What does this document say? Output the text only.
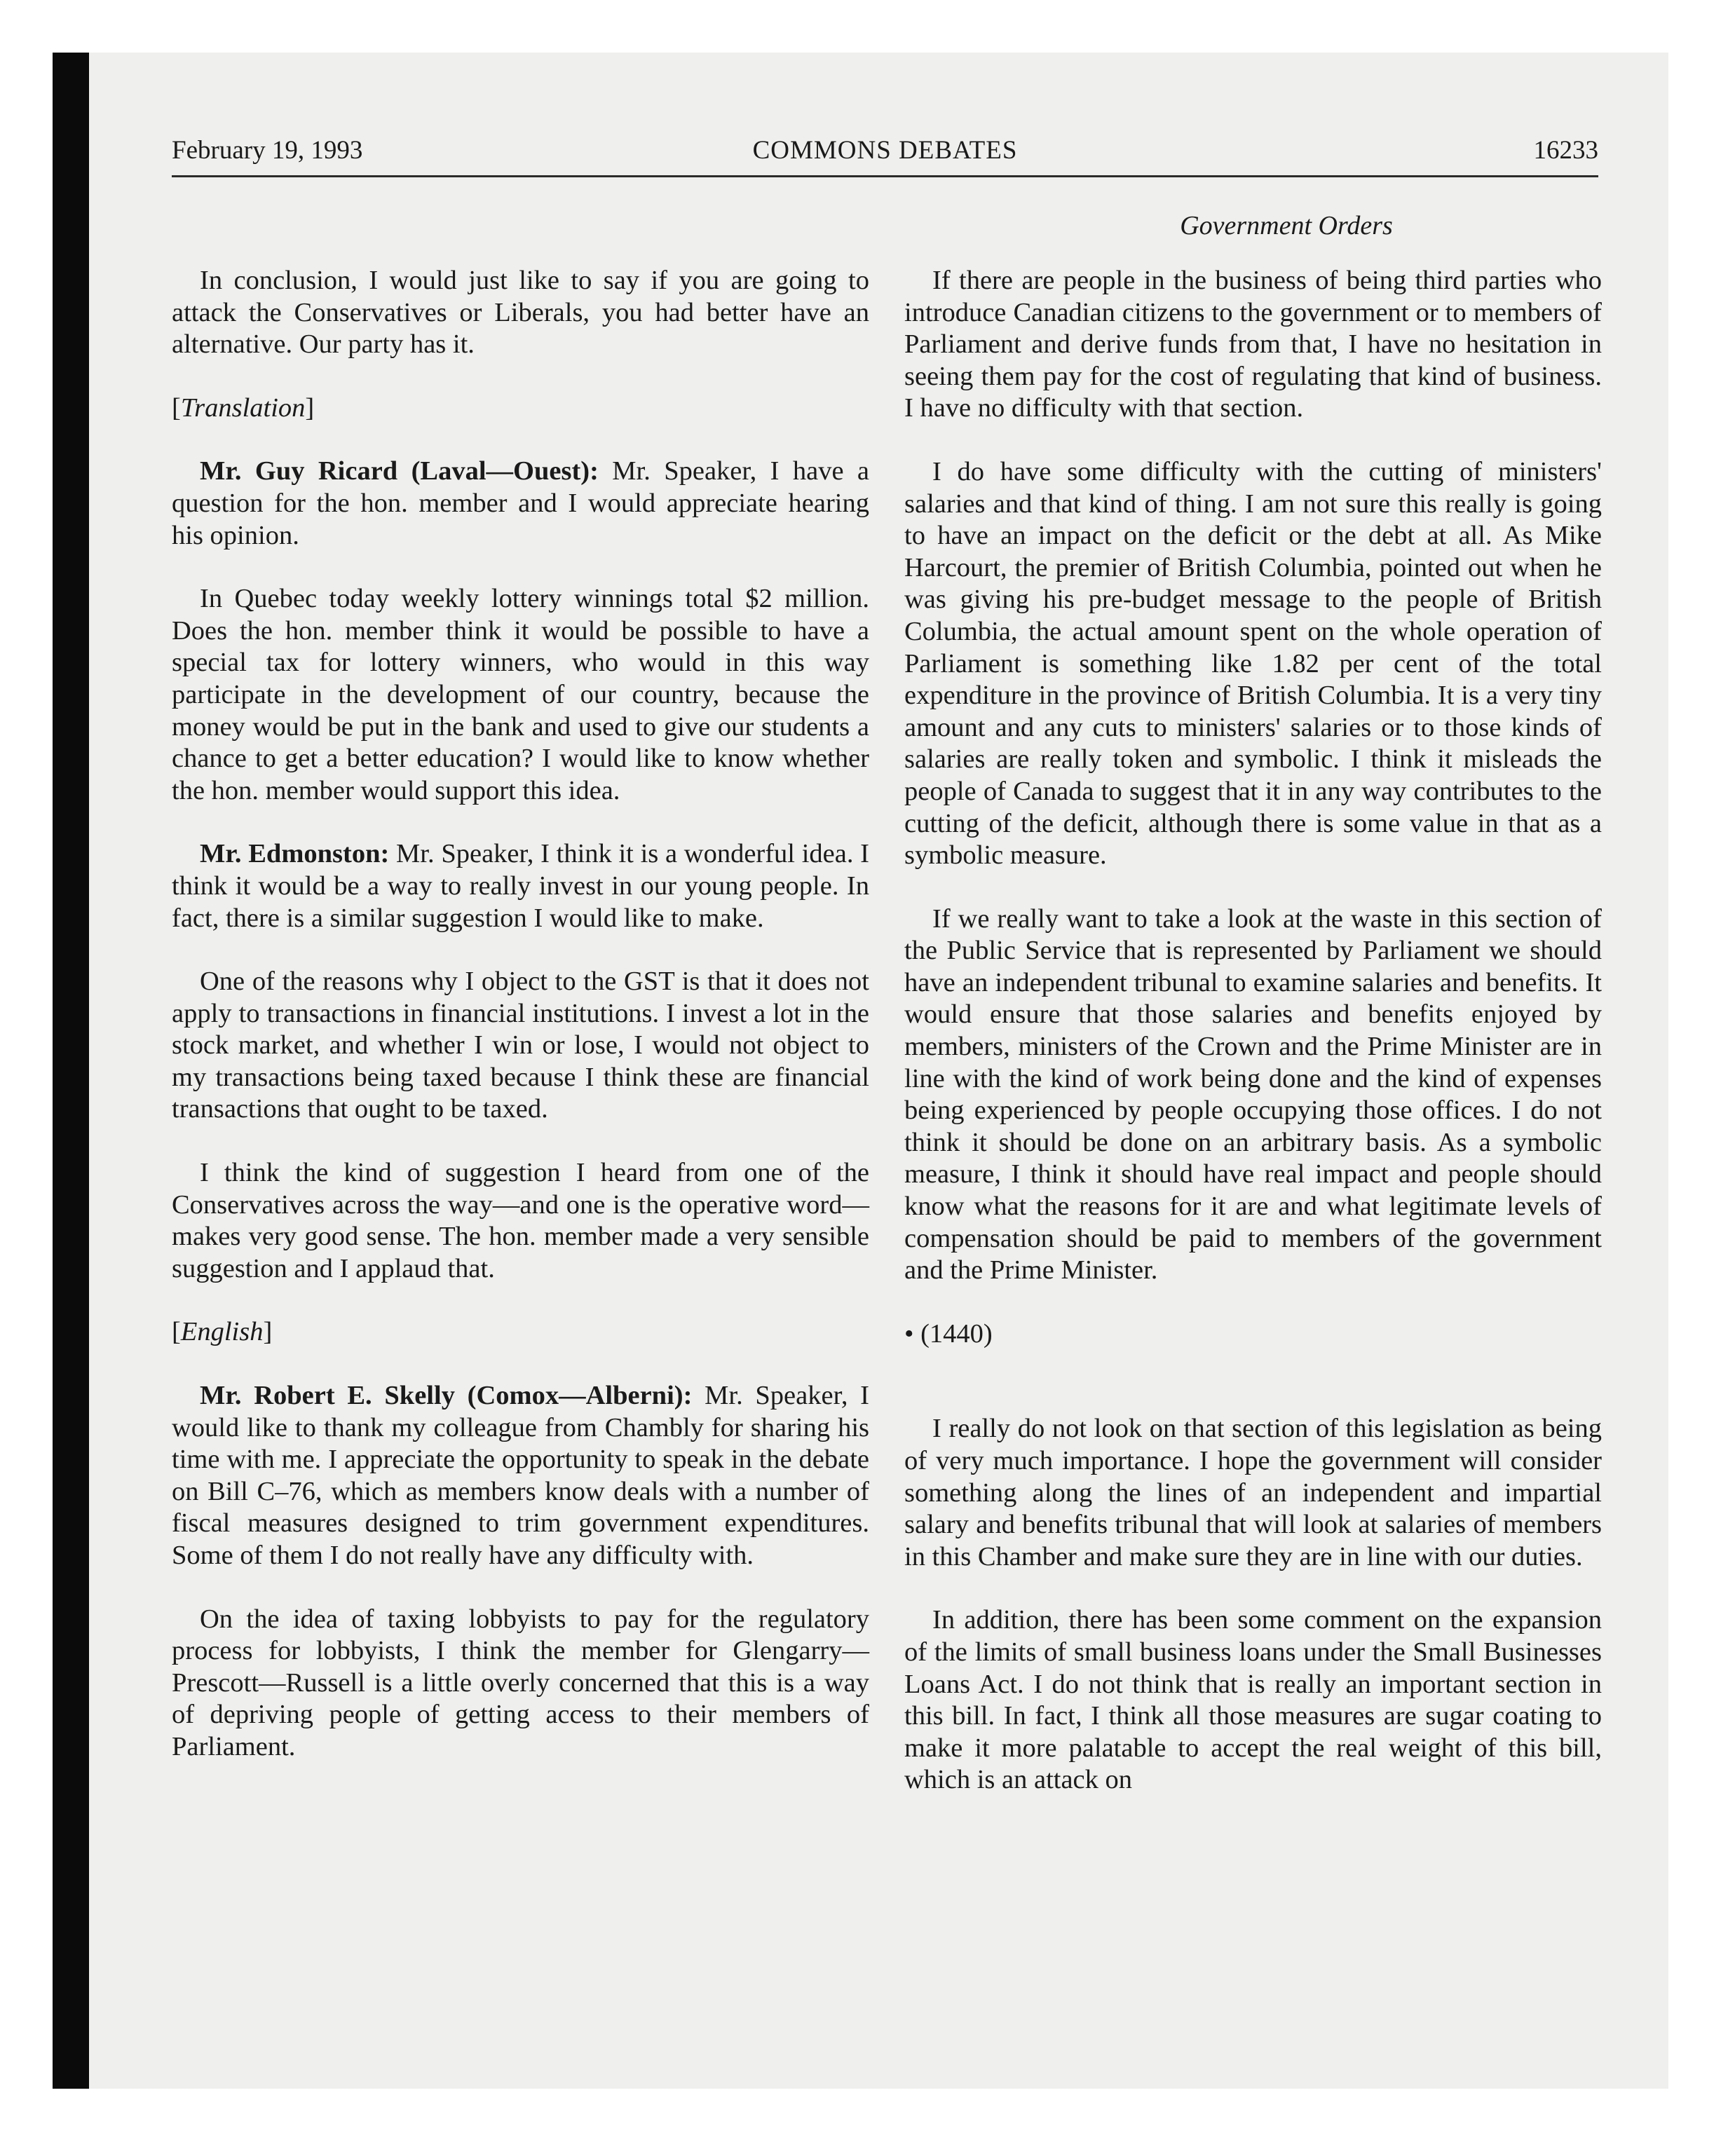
February 19, 1993	COMMONS DEBATES	16233
Government Orders

In conclusion, I would just like to say if you are going to attack the Conservatives or Liberals, you had better have an alternative. Our party has it.

[Translation]

Mr. Guy Ricard (Laval—Ouest): Mr. Speaker, I have a question for the hon. member and I would appreciate hearing his opinion.

In Quebec today weekly lottery winnings total $2 million. Does the hon. member think it would be possible to have a special tax for lottery winners, who would in this way participate in the development of our country, because the money would be put in the bank and used to give our students a chance to get a better education? I would like to know whether the hon. member would support this idea.

Mr. Edmonston: Mr. Speaker, I think it is a wonderful idea. I think it would be a way to really invest in our young people. In fact, there is a similar suggestion I would like to make.

One of the reasons why I object to the GST is that it does not apply to transactions in financial institutions. I invest a lot in the stock market, and whether I win or lose, I would not object to my transactions being taxed because I think these are financial transactions that ought to be taxed.

I think the kind of suggestion I heard from one of the Conservatives across the way—and one is the operative word—makes very good sense. The hon. member made a very sensible suggestion and I applaud that.

[English]

Mr. Robert E. Skelly (Comox—Alberni): Mr. Speaker, I would like to thank my colleague from Chambly for sharing his time with me. I appreciate the opportunity to speak in the debate on Bill C–76, which as members know deals with a number of fiscal measures designed to trim government expenditures. Some of them I do not really have any difficulty with.

On the idea of taxing lobbyists to pay for the regulatory process for lobbyists, I think the member for Glengarry—Prescott—Russell is a little overly concerned that this is a way of depriving people of getting access to their members of Parliament.

If there are people in the business of being third parties who introduce Canadian citizens to the government or to members of Parliament and derive funds from that, I have no hesitation in seeing them pay for the cost of regulating that kind of business. I have no difficulty with that section.

I do have some difficulty with the cutting of ministers' salaries and that kind of thing. I am not sure this really is going to have an impact on the deficit or the debt at all. As Mike Harcourt, the premier of British Columbia, pointed out when he was giving his pre-budget message to the people of British Columbia, the actual amount spent on the whole operation of Parliament is something like 1.82 per cent of the total expenditure in the province of British Columbia. It is a very tiny amount and any cuts to ministers' salaries or to those kinds of salaries are really token and symbolic. I think it misleads the people of Canada to suggest that it in any way contributes to the cutting of the deficit, although there is some value in that as a symbolic measure.

If we really want to take a look at the waste in this section of the Public Service that is represented by Parliament we should have an independent tribunal to examine salaries and benefits. It would ensure that those salaries and benefits enjoyed by members, ministers of the Crown and the Prime Minister are in line with the kind of work being done and the kind of expenses being experienced by people occupying those offices. I do not think it should be done on an arbitrary basis. As a symbolic measure, I think it should have real impact and people should know what the reasons for it are and what legitimate levels of compensation should be paid to members of the government and the Prime Minister.

• (1440)

I really do not look on that section of this legislation as being of very much importance. I hope the government will consider something along the lines of an independent and impartial salary and benefits tribunal that will look at salaries of members in this Chamber and make sure they are in line with our duties.

In addition, there has been some comment on the expansion of the limits of small business loans under the Small Businesses Loans Act. I do not think that is really an important section in this bill. In fact, I think all those measures are sugar coating to make it more palatable to accept the real weight of this bill, which is an attack on
